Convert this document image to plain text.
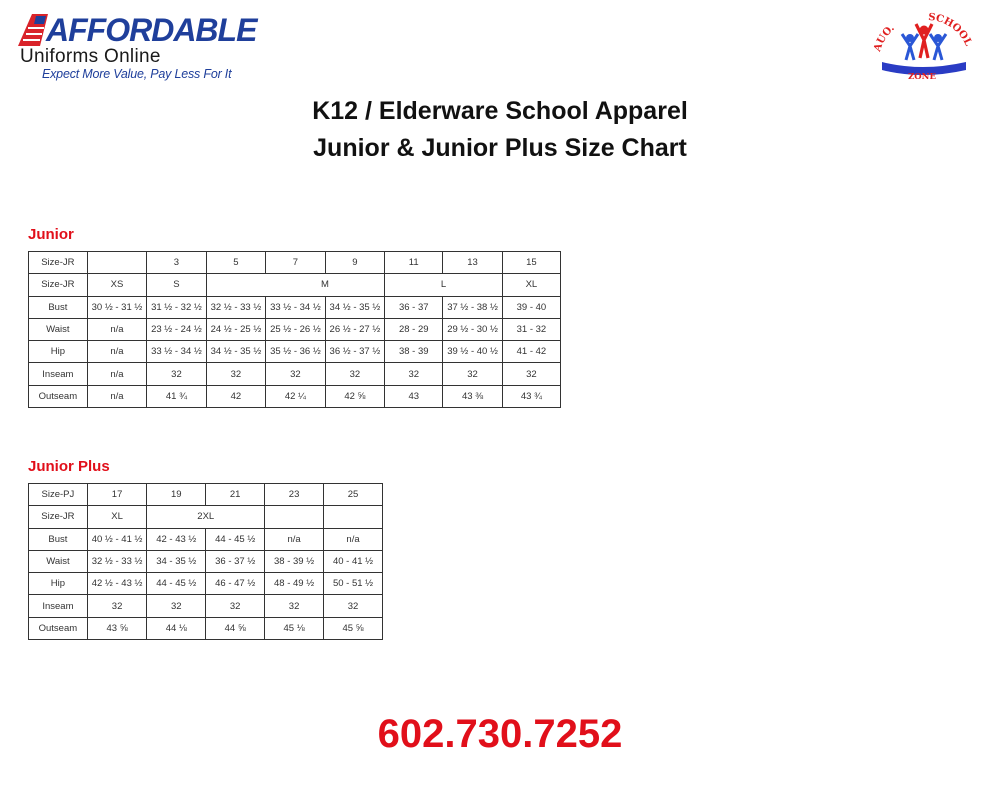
AFFORDABLE
Uniforms Online
Expect More Value, Pay Less For It
AUO.
SCHOOL
ZONE
K12 / Elderware School Apparel
Junior & Junior Plus Size Chart
Junior
Size-JR		3	5	7	9	11	13	15
Size-JR	XS	S		M		L		XL
Bust	30 ½ - 31 ½	31 ½ - 32 ½	32 ½ - 33 ½	33 ½ - 34 ½	34 ½ - 35 ½	36 - 37	37 ½ - 38 ½	39 - 40
Waist	n/a	23 ½ - 24 ½	24 ½ - 25 ½	25 ½ - 26 ½	26 ½ - 27 ½	28 - 29	29 ½ - 30 ½	31 - 32
Hip	n/a	33 ½ - 34 ½	34 ½ - 35 ½	35 ½ - 36 ½	36 ½ - 37 ½	38 - 39	39 ½ - 40 ½	41 - 42
Inseam	n/a	32	32	32	32	32	32	32
Outseam	n/a	41 ¾	42	42 ¼	42 ⅝	43	43 ⅜	43 ¾
Junior Plus
Size-PJ	17	19	21	23	25
Size-JR	XL	2XL			
Bust	40 ½ - 41 ½	42 - 43 ½	44 - 45 ½	n/a	n/a
Waist	32 ½ - 33 ½	34 - 35 ½	36 - 37 ½	38 - 39 ½	40 - 41 ½
Hip	42 ½ - 43 ½	44 - 45 ½	46 - 47 ½	48 - 49 ½	50 - 51 ½
Inseam	32	32	32	32	32
Outseam	43 ⅝	44 ⅛	44 ⅝	45 ⅛	45 ⅝
602.730.7252
